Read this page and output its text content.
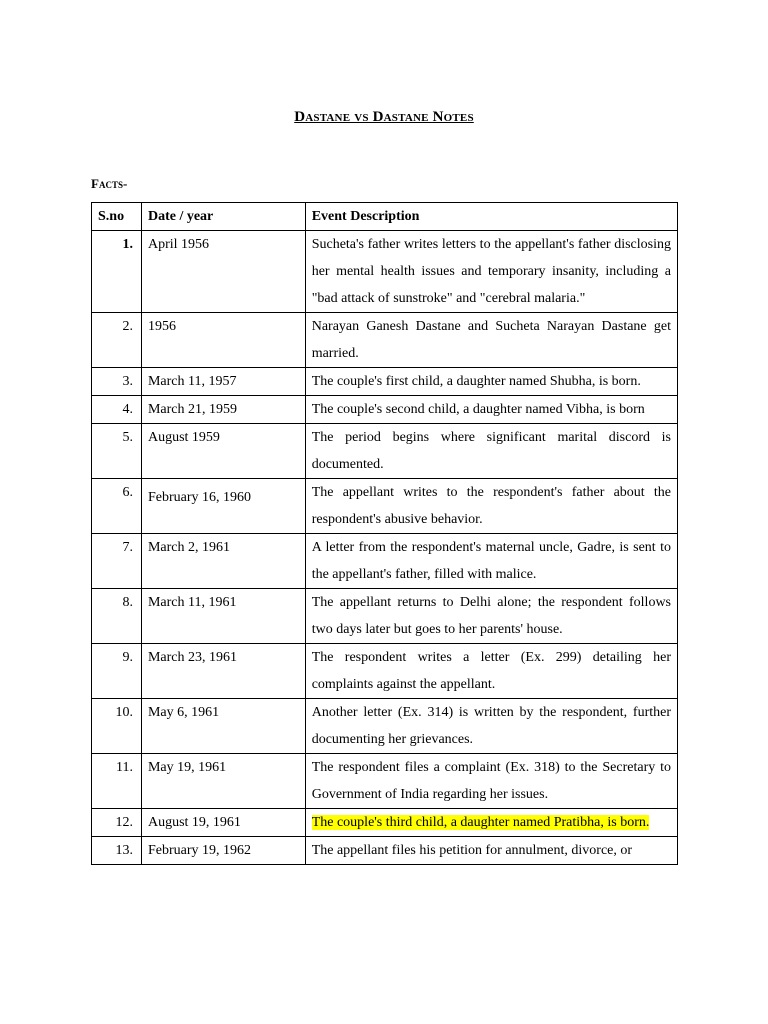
Dastane vs Dastane Notes
Facts-
S.no	Date / year	Event Description
1.	April 1956	Sucheta's father writes letters to the appellant's father disclosing her mental health issues and temporary insanity, including a "bad attack of sunstroke" and "cerebral malaria."
2.	1956	Narayan Ganesh Dastane and Sucheta Narayan Dastane get married.
3.	March 11, 1957	The couple's first child, a daughter named Shubha, is born.
4.	March 21, 1959	The couple's second child, a daughter named Vibha, is born
5.	August 1959	The period begins where significant marital discord is documented.
6.	February 16, 1960	The appellant writes to the respondent's father about the respondent's abusive behavior.
7.	March 2, 1961	A letter from the respondent's maternal uncle, Gadre, is sent to the appellant's father, filled with malice.
8.	March 11, 1961	The appellant returns to Delhi alone; the respondent follows two days later but goes to her parents' house.
9.	March 23, 1961	The respondent writes a letter (Ex. 299) detailing her complaints against the appellant.
10.	May 6, 1961	Another letter (Ex. 314) is written by the respondent, further documenting her grievances.
11.	May 19, 1961	The respondent files a complaint (Ex. 318) to the Secretary to Government of India regarding her issues.
12.	August 19, 1961	The couple's third child, a daughter named Pratibha, is born.
13.	February 19, 1962	The appellant files his petition for annulment, divorce, or
